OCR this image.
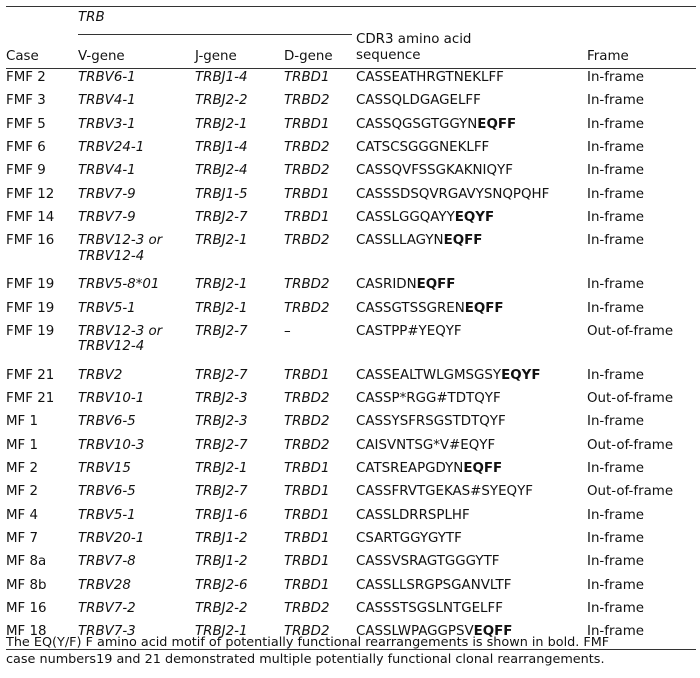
	TRB		

Case	V-gene	J-gene	D-gene	CDR3 amino acid
sequence	Frame
FMF 2	TRBV6-1	TRBJ1-4	TRBD1	CASSEATHRGTNEKLFF	In-frame
FMF 3	TRBV4-1	TRBJ2-2	TRBD2	CASSQLDGAGELFF	In-frame
FMF 5	TRBV3-1	TRBJ2-1	TRBD1	CASSQGSGTGGYNEQFF	In-frame
FMF 6	TRBV24-1	TRBJ1-4	TRBD2	CATSCSGGGNEKLFF	In-frame
FMF 9	TRBV4-1	TRBJ2-4	TRBD2	CASSQVFSSGKAKNIQYF	In-frame
FMF 12	TRBV7-9	TRBJ1-5	TRBD1	CASSSDSQVRGAVYSNQPQHF	In-frame
FMF 14	TRBV7-9	TRBJ2-7	TRBD1	CASSLGGQAYYEQYF	In-frame
FMF 16	TRBV12-3 or
TRBV12-4	TRBJ2-1	TRBD2	CASSLLAGYNEQFF	In-frame
FMF 19	TRBV5-8*01	TRBJ2-1	TRBD2	CASRIDNEQFF	In-frame
FMF 19	TRBV5-1	TRBJ2-1	TRBD2	CASSGTSSGRENEQFF	In-frame
FMF 19	TRBV12-3 or
TRBV12-4	TRBJ2-7	–	CASTPP#YEQYF	Out-of-frame
FMF 21	TRBV2	TRBJ2-7	TRBD1	CASSEALTWLGMSGSYEQYF	In-frame
FMF 21	TRBV10-1	TRBJ2-3	TRBD2	CASSP*RGG#TDTQYF	Out-of-frame
MF 1	TRBV6-5	TRBJ2-3	TRBD2	CASSYSFRSGSTDTQYF	In-frame
MF 1	TRBV10-3	TRBJ2-7	TRBD2	CAISVNTSG*V#EQYF	Out-of-frame
MF 2	TRBV15	TRBJ2-1	TRBD1	CATSREAPGDYNEQFF	In-frame
MF 2	TRBV6-5	TRBJ2-7	TRBD1	CASSFRVTGEKAS#SYEQYF	Out-of-frame
MF 4	TRBV5-1	TRBJ1-6	TRBD1	CASSLDRRSPLHF	In-frame
MF 7	TRBV20-1	TRBJ1-2	TRBD1	CSARTGGYGYTF	In-frame
MF 8a	TRBV7-8	TRBJ1-2	TRBD1	CASSVSRAGTGGGYTF	In-frame
MF 8b	TRBV28	TRBJ2-6	TRBD1	CASSLLSRGPSGANVLTF	In-frame
MF 16	TRBV7-2	TRBJ2-2	TRBD2	CASSSTSGSLNTGELFF	In-frame
MF 18	TRBV7-3	TRBJ2-1	TRBD2	CASSLWPAGGPSVEQFF	In-frame
The EQ(Y/F) F amino acid motif of potentially functional rearrangements is shown in bold. FMF
case numbers19 and 21 demonstrated multiple potentially functional clonal rearrangements.
